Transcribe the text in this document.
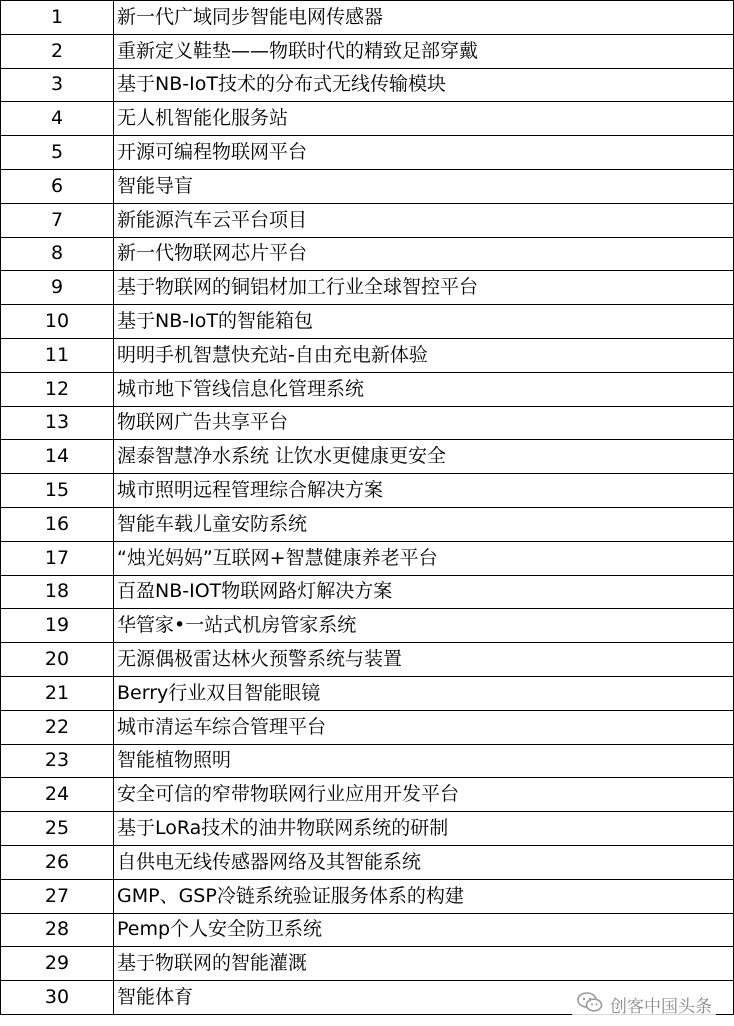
1	新一代广域同步智能电网传感器
2	重新定义鞋垫——物联时代的精致足部穿戴
3	基于NB-IoT技术的分布式无线传输模块
4	无人机智能化服务站
5	开源可编程物联网平台
6	智能导盲
7	新能源汽车云平台项目
8	新一代物联网芯片平台
9	基于物联网的铜铝材加工行业全球智控平台
10	基于NB-IoT的智能箱包
11	明明手机智慧快充站-自由充电新体验
12	城市地下管线信息化管理系统
13	物联网广告共享平台
14	渥泰智慧净水系统 让饮水更健康更安全
15	城市照明远程管理综合解决方案
16	智能车载儿童安防系统
17	“烛光妈妈”互联网+智慧健康养老平台
18	百盈NB-IOT物联网路灯解决方案
19	华管家•一站式机房管家系统
20	无源偶极雷达林火预警系统与装置
21	Berry行业双目智能眼镜
22	城市清运车综合管理平台
23	智能植物照明
24	安全可信的窄带物联网行业应用开发平台
25	基于LoRa技术的油井物联网系统的研制
26	自供电无线传感器网络及其智能系统
27	GMP、GSP冷链系统验证服务体系的构建
28	Pemp个人安全防卫系统
29	基于物联网的智能灌溉
30	智能体育	创客中国头条
